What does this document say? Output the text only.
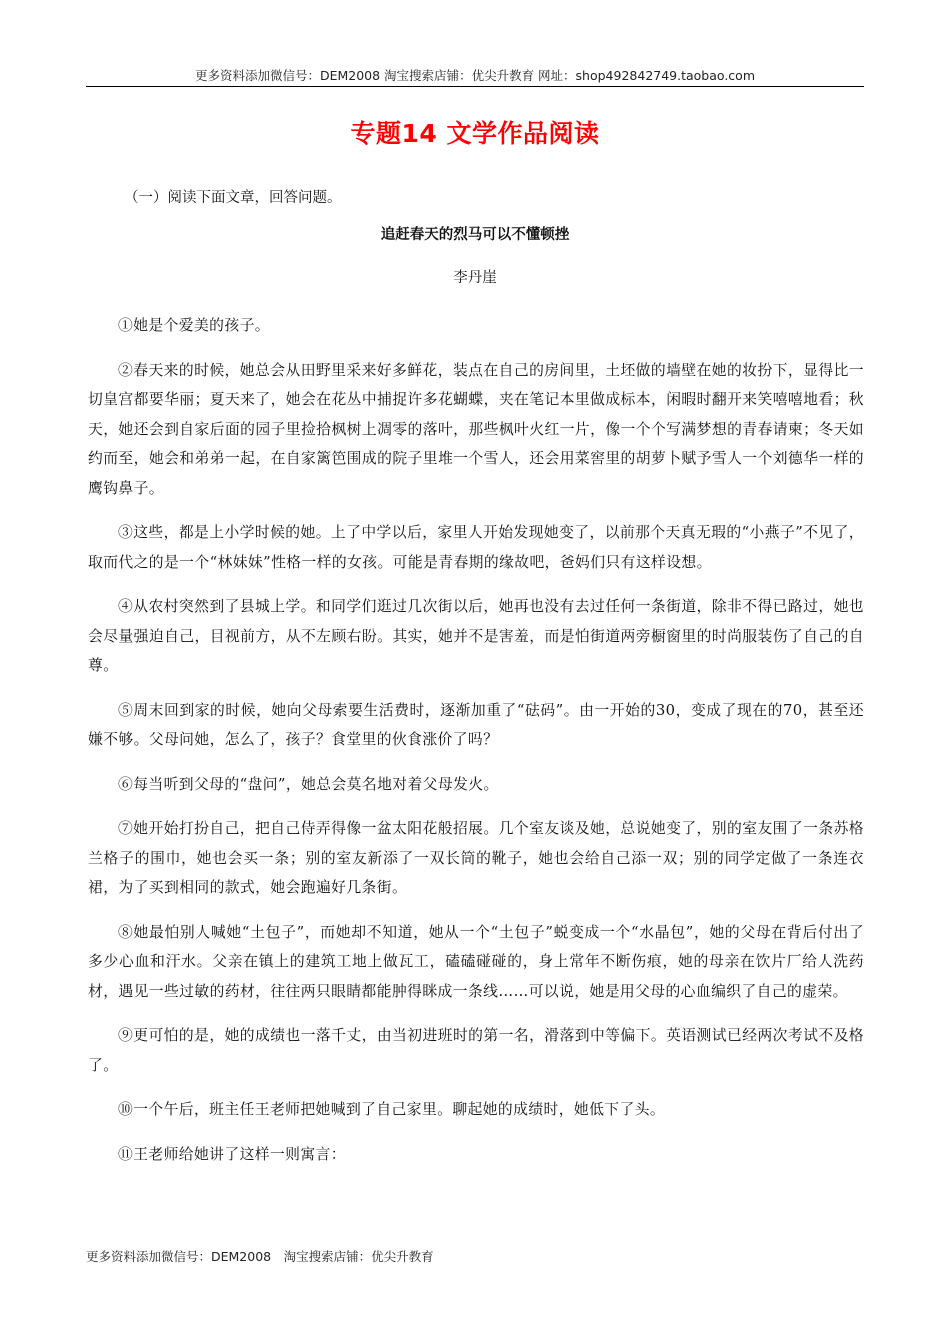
更多资料添加微信号：DEM2008 淘宝搜索店铺：优尖升教育 网址：shop492842749.taobao.com
专题14 文学作品阅读
（一）阅读下面文章，回答问题。
追赶春天的烈马可以不懂顿挫
李丹崖

①她是个爱美的孩子。

②春天来的时候，她总会从田野里采来好多鲜花，装点在自己的房间里，土坯做的墙壁在她的妆扮下，显得比一切皇宫都要华丽；夏天来了，她会在花丛中捕捉许多花蝴蝶，夹在笔记本里做成标本，闲暇时翻开来笑嘻嘻地看；秋天，她还会到自家后面的园子里捡拾枫树上凋零的落叶，那些枫叶火红一片，像一个个写满梦想的青春请柬；冬天如约而至，她会和弟弟一起，在自家篱笆围成的院子里堆一个雪人，还会用菜窖里的胡萝卜赋予雪人一个刘德华一样的鹰钩鼻子。

③这些，都是上小学时候的她。上了中学以后，家里人开始发现她变了，以前那个天真无瑕的“小燕子”不见了，取而代之的是一个“林妹妹”性格一样的女孩。可能是青春期的缘故吧，爸妈们只有这样设想。

④从农村突然到了县城上学。和同学们逛过几次街以后，她再也没有去过任何一条街道，除非不得已路过，她也会尽量强迫自己，目视前方，从不左顾右盼。其实，她并不是害羞，而是怕街道两旁橱窗里的时尚服装伤了自己的自尊。

⑤周末回到家的时候，她向父母索要生活费时，逐渐加重了“砝码”。由一开始的30，变成了现在的70，甚至还嫌不够。父母问她，怎么了，孩子？食堂里的伙食涨价了吗？

⑥每当听到父母的“盘问”，她总会莫名地对着父母发火。

⑦她开始打扮自己，把自己侍弄得像一盆太阳花般招展。几个室友谈及她，总说她变了，别的室友围了一条苏格兰格子的围巾，她也会买一条；别的室友新添了一双长筒的靴子，她也会给自己添一双；别的同学定做了一条连衣裙，为了买到相同的款式，她会跑遍好几条街。

⑧她最怕别人喊她“土包子”，而她却不知道，她从一个“土包子”蜕变成一个“水晶包”，她的父母在背后付出了多少心血和汗水。父亲在镇上的建筑工地上做瓦工，磕磕碰碰的，身上常年不断伤痕，她的母亲在饮片厂给人洗药材，遇见一些过敏的药材，往往两只眼睛都能肿得眯成一条线……可以说，她是用父母的心血编织了自己的虚荣。

⑨更可怕的是，她的成绩也一落千丈，由当初进班时的第一名，滑落到中等偏下。英语测试已经两次考试不及格了。

⑩一个午后，班主任王老师把她喊到了自己家里。聊起她的成绩时，她低下了头。

⑪王老师给她讲了这样一则寓言：

更多资料添加微信号：DEM2008　淘宝搜索店铺：优尖升教育
